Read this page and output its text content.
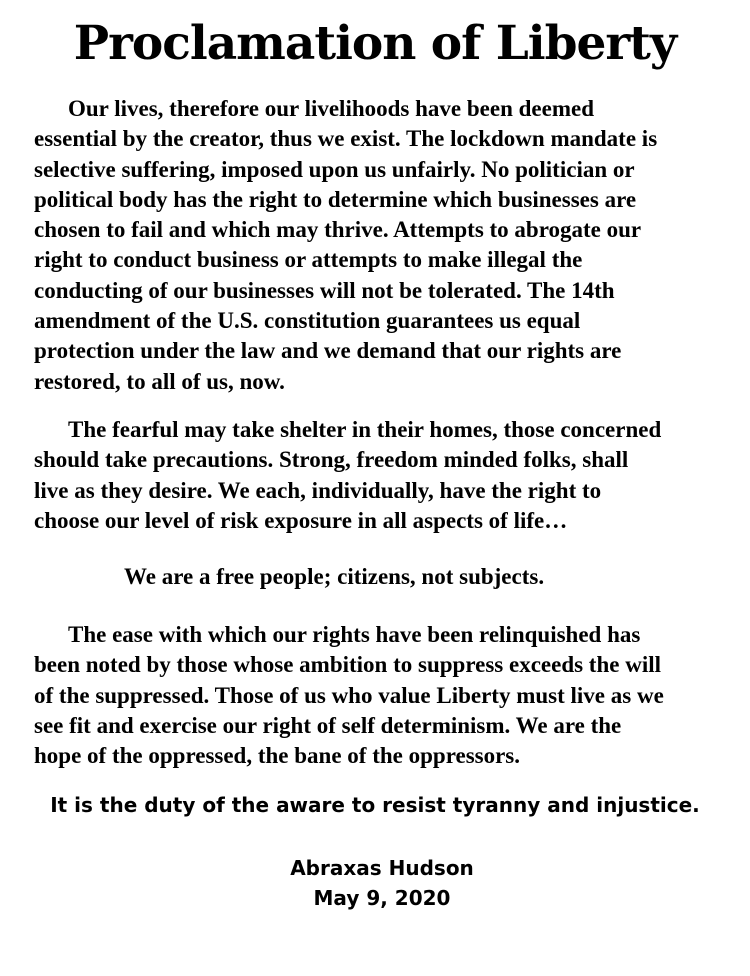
Proclamation of Liberty
Our lives, therefore our livelihoods have been deemed
essential by the creator, thus we exist. The lockdown mandate is
selective suffering, imposed upon us unfairly. No politician or
political body has the right to determine which businesses are
chosen to fail and which may thrive. Attempts to abrogate our
right to conduct business or attempts to make illegal the
conducting of our businesses will not be tolerated. The 14th
amendment of the U.S. constitution guarantees us equal
protection under the law and we demand that our rights are
restored, to all of us, now.
The fearful may take shelter in their homes, those concerned
should take precautions. Strong, freedom minded folks, shall
live as they desire. We each, individually, have the right to
choose our level of risk exposure in all aspects of life…
We are a free people; citizens, not subjects.
The ease with which our rights have been relinquished has
been noted by those whose ambition to suppress exceeds the will
of the suppressed. Those of us who value Liberty must live as we
see fit and exercise our right of self determinism. We are the
hope of the oppressed, the bane of the oppressors.

It is the duty of the aware to resist tyranny and injustice.

Abraxas Hudson
May 9, 2020
